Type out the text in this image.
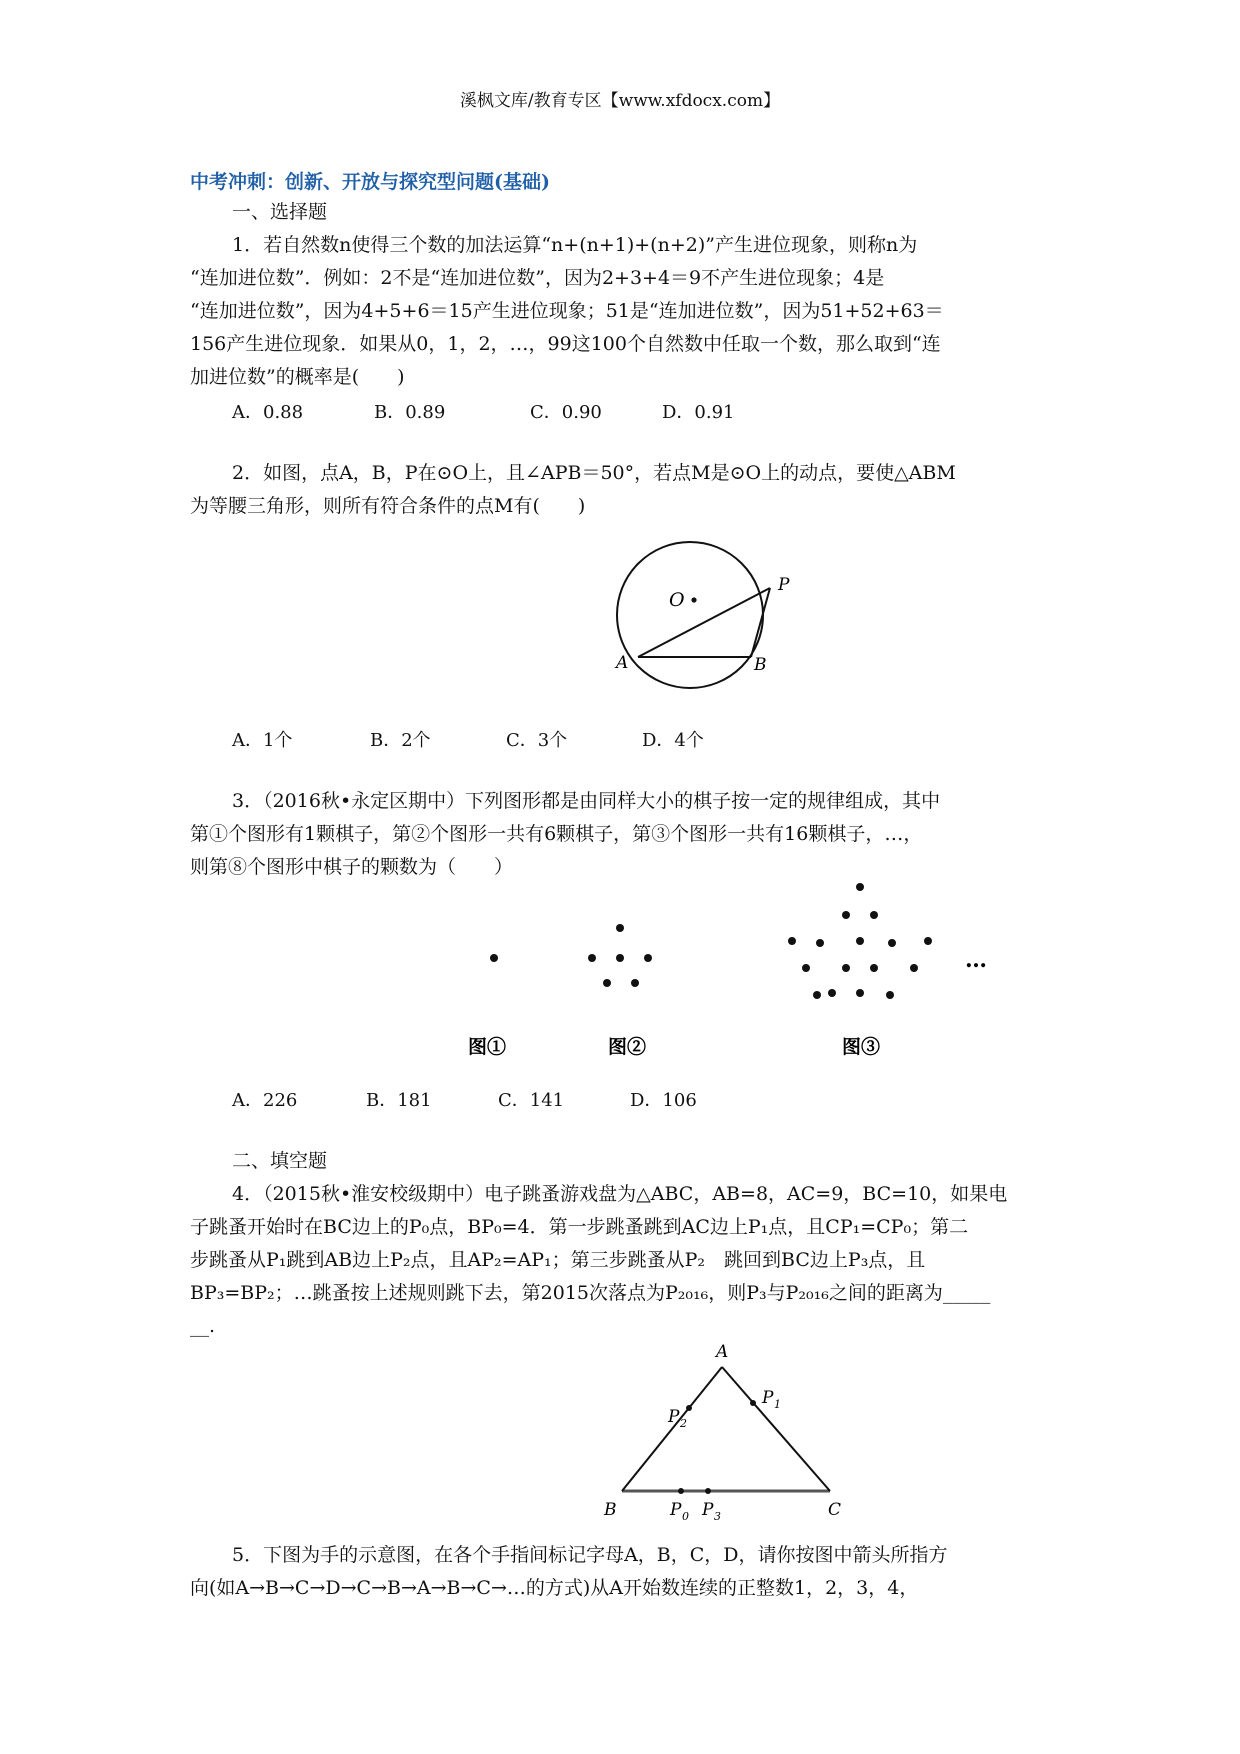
溪枫文库/教育专区【www.xfdocx.com】
中考冲刺：创新、开放与探究型问题(基础)
一、选择题
1．若自然数n使得三个数的加法运算“n+(n+1)+(n+2)”产生进位现象，则称n为
“连加进位数”．例如：2不是“连加进位数”，因为2+3+4＝9不产生进位现象；4是
“连加进位数”，因为4+5+6＝15产生进位现象；51是“连加进位数”，因为51+52+63＝
156产生进位现象．如果从0，1，2，…，99这100个自然数中任取一个数，那么取到“连
加进位数”的概率是(　　)
A．0.88	B．0.89	C．0.90	D．0.91
2．如图，点A，B，P在⊙O上，且∠APB＝50°，若点M是⊙O上的动点，要使△ABM
为等腰三角形，则所有符合条件的点M有(　　)
O
P
A	B
A．1个	B．2个	C．3个	D．4个
3．（2016秋•永定区期中）下列图形都是由同样大小的棋子按一定的规律组成，其中
第①个图形有1颗棋子，第②个图形一共有6颗棋子，第③个图形一共有16颗棋子，…，
则第⑧个图形中棋子的颗数为（　　）
…
图①	图②	图③
A．226	B．181	C．141	D．106
二、填空题
4．（2015秋•淮安校级期中）电子跳蚤游戏盘为△ABC，AB=8，AC=9，BC=10，如果电
子跳蚤开始时在BC边上的P₀点，BP₀=4．第一步跳蚤跳到AC边上P₁点，且CP₁=CP₀；第二
步跳蚤从P₁跳到AB边上P₂点，且AP₂=AP₁；第三步跳蚤从P₂　跳回到BC边上P₃点，且
BP₃=BP₂；…跳蚤按上述规则跳下去，第2015次落点为P₂₀₁₆，则P₃与P₂₀₁₆之间的距离为_____
__.
A
B	C
P 2
P 1
P 0 P 3
5．下图为手的示意图，在各个手指间标记字母A，B，C，D，请你按图中箭头所指方
向(如A→B→C→D→C→B→A→B→C→…的方式)从A开始数连续的正整数1，2，3，4，
